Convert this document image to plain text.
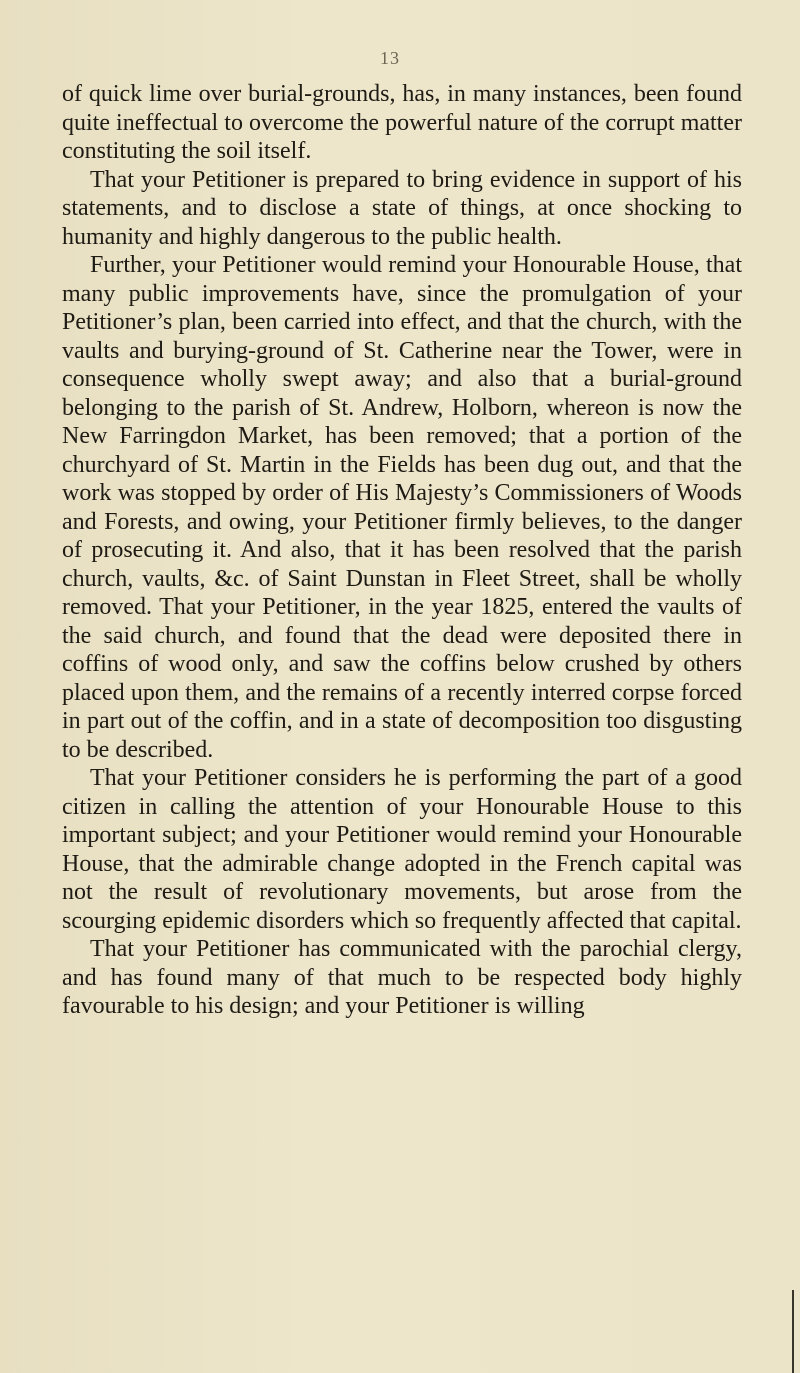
13

of quick lime over burial-grounds, has, in many instances, been found quite ineffectual to overcome the powerful nature of the corrupt matter constituting the soil itself.

That your Petitioner is prepared to bring evidence in support of his statements, and to disclose a state of things, at once shocking to humanity and highly dangerous to the public health.

Further, your Petitioner would remind your Honourable House, that many public improvements have, since the promulgation of your Petitioner’s plan, been carried into effect, and that the church, with the vaults and burying-ground of St. Catherine near the Tower, were in consequence wholly swept away; and also that a burial-ground belonging to the parish of St. Andrew, Holborn, whereon is now the New Farringdon Market, has been removed; that a portion of the churchyard of St. Martin in the Fields has been dug out, and that the work was stopped by order of His Majesty’s Commissioners of Woods and Forests, and owing, your Petitioner firmly believes, to the danger of prosecuting it. And also, that it has been resolved that the parish church, vaults, &c. of Saint Dunstan in Fleet Street, shall be wholly removed. That your Petitioner, in the year 1825, entered the vaults of the said church, and found that the dead were deposited there in coffins of wood only, and saw the coffins below crushed by others placed upon them, and the remains of a recently interred corpse forced in part out of the coffin, and in a state of decomposition too disgusting to be described.

That your Petitioner considers he is performing the part of a good citizen in calling the attention of your Honourable House to this important subject; and your Petitioner would remind your Honourable House, that the admirable change adopted in the French capital was not the result of revolutionary movements, but arose from the scourging epidemic disorders which so frequently affected that capital.

That your Petitioner has communicated with the parochial clergy, and has found many of that much to be respected body highly favourable to his design; and your Petitioner is willing
